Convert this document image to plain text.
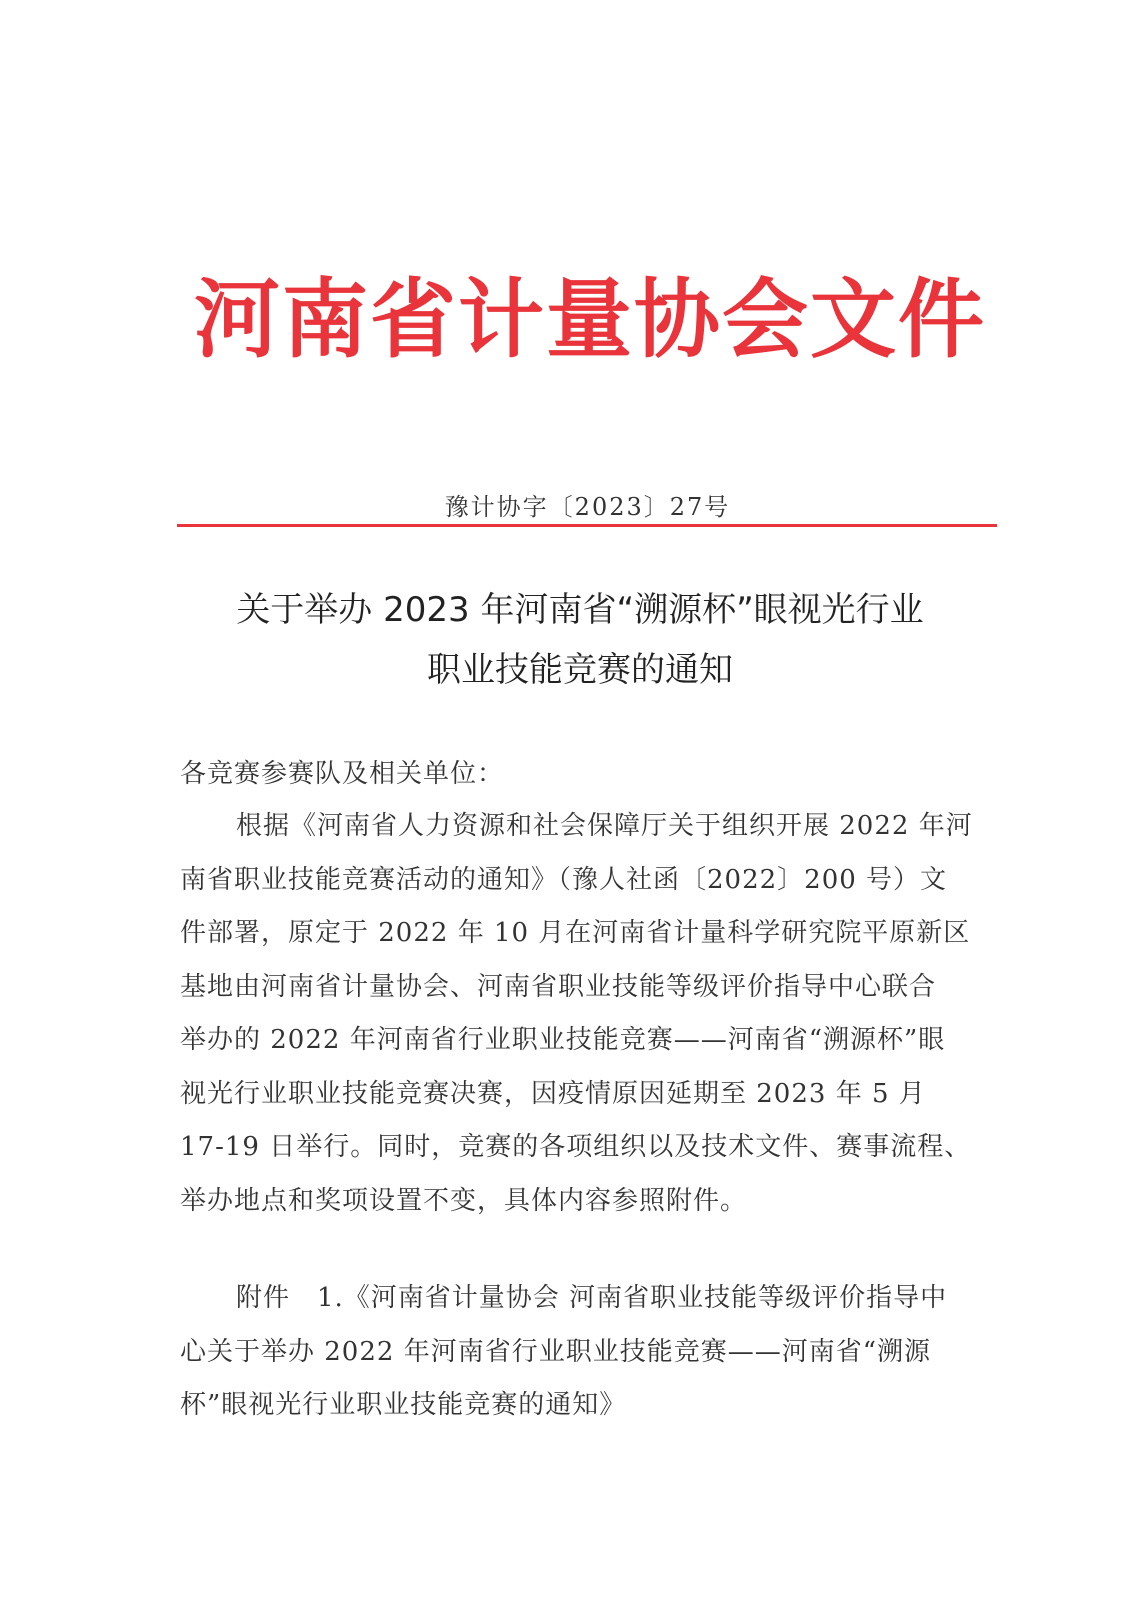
河南省计量协会文件
豫计协字〔2023〕27号
关于举办 2023 年河南省“溯源杯”眼视光行业
职业技能竞赛的通知
各竞赛参赛队及相关单位：
根据《河南省人力资源和社会保障厅关于组织开展 2022 年河
南省职业技能竞赛活动的通知》（豫人社函〔2022〕200 号）文
件部署，原定于 2022 年 10 月在河南省计量科学研究院平原新区
基地由河南省计量协会、河南省职业技能等级评价指导中心联合
举办的 2022 年河南省行业职业技能竞赛——河南省“溯源杯”眼
视光行业职业技能竞赛决赛，因疫情原因延期至 2023 年 5 月
17-19 日举行。同时，竞赛的各项组织以及技术文件、赛事流程、
举办地点和奖项设置不变，具体内容参照附件。
附件　1.《河南省计量协会 河南省职业技能等级评价指导中
心关于举办 2022 年河南省行业职业技能竞赛——河南省“溯源
杯”眼视光行业职业技能竞赛的通知》
